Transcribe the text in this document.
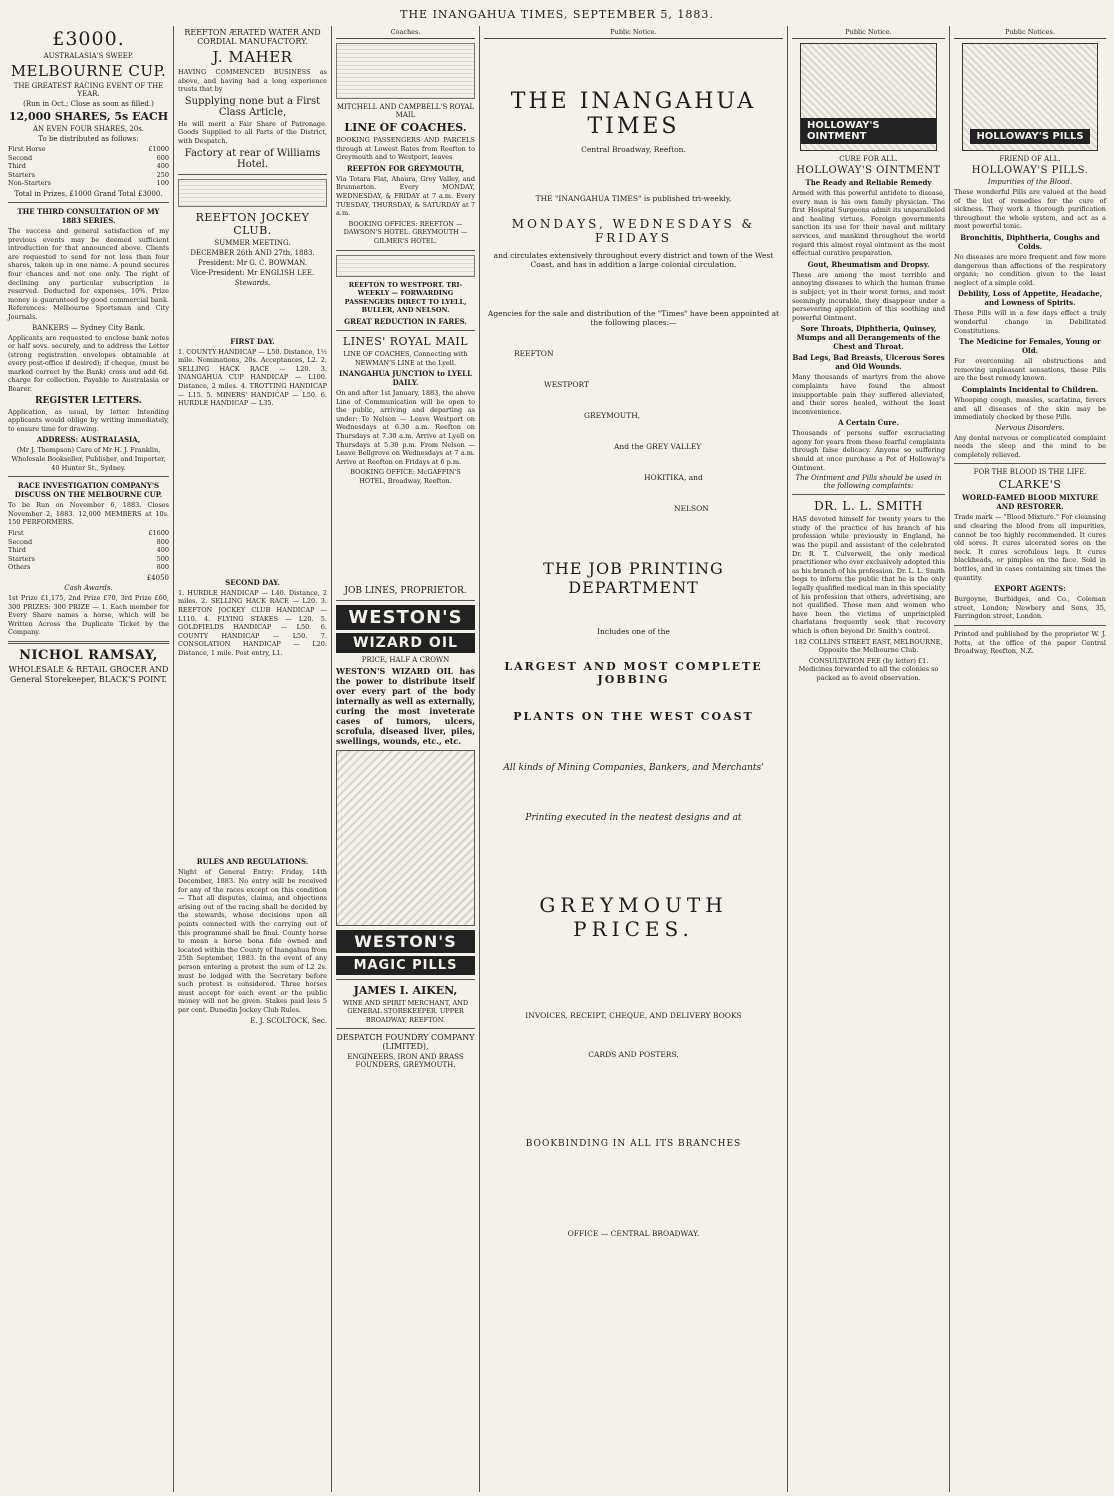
THE INANGAHUA TIMES, SEPTEMBER 5, 1883.
£3000.
AUSTRALASIA'S SWEEP.
MELBOURNE CUP.
THE GREATEST RACING EVENT OF THE YEAR.
(Run in Oct.; Close as soon as filled.)
12,000 SHARES, 5s EACH
AN EVEN FOUR SHARES, 20s.
To be distributed as follows:
First Horse	£1000
Second	600
Third	400
Starters	250
Non-Starters	100
Total in Prizes, £1000 Grand Total £3000.
THE THIRD CONSULTATION OF MY 1883 SERIES.

The success and general satisfaction of my previous events may be deemed sufficient introduction for that announced above. Clients are requested to send for not less than four shares, taken up in one name. A pound secures four chances and not one only. The right of declining any particular subscription is reserved. Deducted for expenses, 10%. Prize money is guaranteed by good commercial bank. References: Melbourne Sportsman and City Journals.

BANKERS — Sydney City Bank.

Applicants are requested to enclose bank notes or half sovs. securely, and to address the Letter (strong registration envelopes obtainable at every post-office if desired); if cheque, (must be marked correct by the Bank) cross and add 6d. charge for collection. Payable to Australasia or Bearer.

REGISTER LETTERS.

Application, as usual, by letter. Intending applicants would oblige by writing immediately, to ensure time for drawing.

ADDRESS: AUSTRALASIA,

(Mr J. Thompson) Care of Mr H. J. Franklin, Wholesale Bookseller, Publisher, and Importer, 40 Hunter St., Sydney.

RACE INVESTIGATION COMPANY'S DISCUSS ON THE MELBOURNE CUP.

To be Run on November 6, 1883. Closes November 2, 1883. 12,000 MEMBERS at 10s. 150 PERFORMERS.

First	£1600
Second	800
Third	400
Starters	500
Others	800
£4050
Cash Awards.

1st Prize £1,175, 2nd Prize £70, 3rd Prize £60, 300 PRIZES: 300 PRIZE — 1. Each member for Every Share names a horse, which will be Written Across the Duplicate Ticket by the Company.

NICHOL RAMSAY,

WHOLESALE & RETAIL GROCER AND General Storekeeper, BLACK'S POINT.

REEFTON ÆRATED WATER AND CORDIAL MANUFACTORY.
J. MAHER

HAVING COMMENCED BUSINESS as above, and having had a long experience trusts that by

Supplying none but a First Class Article,

He will merit a Fair Share of Patronage. Goods Supplied to all Parts of the District, with Despatch.

Factory at rear of Williams Hotel.
REEFTON JOCKEY CLUB.
SUMMER MEETING.
DECEMBER 26th AND 27th, 1883.
President: Mr G. C. BOWMAN.
Vice-President: Mr ENGLISH LEE.
Stewards.
FIRST DAY.

1. COUNTY HANDICAP — L50. Distance, 1½ mile. Nominations, 20s. Acceptances, L2. 2. SELLING HACK RACE — L20. 3. INANGAHUA CUP HANDICAP — L100. Distance, 2 miles. 4. TROTTING HANDICAP — L15. 5. MINERS' HANDICAP — L50. 6. HURDLE HANDICAP — L35.

SECOND DAY.

1. HURDLE HANDICAP — L40. Distance, 2 miles. 2. SELLING HACK RACE — L20. 3. REEFTON JOCKEY CLUB HANDICAP — L110. 4. FLYING STAKES — L20. 5. GOLDFIELDS HANDICAP — L50. 6. COUNTY HANDICAP — L50. 7. CONSOLATION HANDICAP — L20. Distance, 1 mile. Post entry, L1.

RULES AND REGULATIONS.

Night of General Entry: Friday, 14th December, 1883. No entry will be received for any of the races except on this condition — That all disputes, claims, and objections arising out of the racing shall be decided by the stewards, whose decisions upon all points connected with the carrying out of this programme shall be final. County horse to mean a horse bona fide owned and located within the County of Inangahua from 25th September, 1883. In the event of any person entering a protest the sum of L2 2s. must be lodged with the Secretary before such protest is considered. Three horses must accept for each event or the public money will not be given. Stakes paid less 5 per cent. Dunedin Jockey Club Rules.

E. J. SCOLTOCK, Sec.
Coaches.
MITCHELL AND CAMPBELL'S ROYAL MAIL
LINE OF COACHES.

BOOKING PASSENGERS AND PARCELS through at Lowest Rates from Reefton to Greymouth and to Westport, leaves

REEFTON FOR GREYMOUTH,

Via Totara Flat, Ahaura, Grey Valley, and Brunnerton. Every MONDAY, WEDNESDAY, & FRIDAY at 7 a.m. Every TUESDAY, THURSDAY, & SATURDAY at 7 a.m.

BOOKING OFFICES: REEFTON — DAWSON'S HOTEL. GREYMOUTH — GILMER'S HOTEL.

REEFTON TO WESTPORT. TRI-WEEKLY — FORWARDING PASSENGERS DIRECT TO LYELL, BULLER, AND NELSON.

GREAT REDUCTION IN FARES.
LINES' ROYAL MAIL

LINE OF COACHES, Connecting with NEWMAN'S LINE at the Lyell.

INANGAHUA JUNCTION to LYELL DAILY.

On and after 1st January, 1883, the above Line of Communication will be open to the public, arriving and departing as under: To Nelson — Leave Westport on Wednesdays at 6.30 a.m. Reefton on Thursdays at 7.30 a.m. Arrive at Lyell on Thursdays at 5.30 p.m. From Nelson — Leave Bellgrove on Wednesdays at 7 a.m. Arrive at Reefton on Fridays at 6 p.m.

BOOKING OFFICE: McGAFFIN'S HOTEL, Broadway, Reefton.

JOB LINES, PROPRIETOR.
WESTON'S
WIZARD OIL
PRICE, HALF A CROWN

WESTON'S WIZARD OIL has the power to distribute itself over every part of the body internally as well as externally, curing the most inveterate cases of tumors, ulcers, scrofula, diseased liver, piles, swellings, wounds, etc., etc.

WESTON'S
MAGIC PILLS
JAMES I. AIKEN,

WINE AND SPIRIT MERCHANT, AND GENERAL STOREKEEPER. UPPER BROADWAY, REEFTON.

DESPATCH FOUNDRY COMPANY (LIMITED),
ENGINEERS, IRON AND BRASS FOUNDERS, GREYMOUTH.
Public Notice.
THE INANGAHUA TIMES
Central Broadway, Reefton.
THE "INANGAHUA TIMES" is published tri-weekly,
MONDAYS, WEDNESDAYS & FRIDAYS
and circulates extensively throughout every district and town of the West Coast, and has in addition a large colonial circulation.
Agencies for the sale and distribution of the "Times" have been appointed at the following places:—
REEFTON
WESTPORT
GREYMOUTH,
And the GREY VALLEY
HOKITIKA, and
NELSON
THE JOB PRINTING DEPARTMENT
Includes one of the
LARGEST AND MOST COMPLETE JOBBING
PLANTS ON THE WEST COAST
All kinds of Mining Companies, Bankers, and Merchants'
Printing executed in the neatest designs and at
GREYMOUTH PRICES.
INVOICES, RECEIPT, CHEQUE, AND DELIVERY BOOKS
CARDS AND POSTERS.
BOOKBINDING IN ALL ITS BRANCHES
OFFICE — CENTRAL BROADWAY.
Public Notice.
HOLLOWAY'S OINTMENT
CURE FOR ALL.
HOLLOWAY'S OINTMENT
The Ready and Reliable Remedy

Armed with this powerful antidote to disease, every man is his own family physician. The first Hospital Surgeons admit its unparalleled and healing virtues. Foreign governments sanction its use for their naval and military services, and mankind throughout the world regard this almost royal ointment as the most effectual curative preparation.

Gout, Rheumatism and Dropsy.

These are among the most terrible and annoying diseases to which the human frame is subject; yet in their worst forms, and most seemingly incurable, they disappear under a persevering application of this soothing and powerful Ointment.

Sore Throats, Diphtheria, Quinsey, Mumps and all Derangements of the Chest and Throat.
Bad Legs, Bad Breasts, Ulcerous Sores and Old Wounds.

Many thousands of martyrs from the above complaints have found the almost insupportable pain they suffered alleviated, and their sores healed, without the least inconvenience.

A Certain Cure.

Thousands of persons suffer excruciating agony for years from these fearful complaints through false delicacy. Anyone so suffering should at once purchase a Pot of Holloway's Ointment.

The Ointment and Pills should be used in the following complaints:
DR. L. L. SMITH

HAS devoted himself for twenty years to the study of the practice of his branch of his profession while previously in England, he was the pupil and assistant of the celebrated Dr. R. T. Culverwell, the only medical practitioner who ever exclusively adopted this as his branch of his profession. Dr. L. L. Smith begs to inform the public that he is the only legally qualified medical man in this speciality of his profession that others, advertising, are not qualified. Those men and women who have been the victims of unprincipled charlatans frequently seek that recovery which is often beyond Dr. Smith's control.

182 COLLINS STREET EAST, MELBOURNE, Opposite the Melbourne Club.

CONSULTATION FEE (by letter) £1. Medicines forwarded to all the colonies so packed as to avoid observation.

Public Notices.
HOLLOWAY'S PILLS
FRIEND OF ALL.
HOLLOWAY'S PILLS.
Impurities of the Blood.

These wonderful Pills are valued at the head of the list of remedies for the cure of sickness. They work a thorough purification throughout the whole system, and act as a most powerful tonic.

Bronchitis, Diphtheria, Coughs and Colds.

No diseases are more frequent and few more dangerous than affections of the respiratory organs; no condition given to the least neglect of a simple cold.

Debility, Loss of Appetite, Headache, and Lowness of Spirits.

These Pills will in a few days effect a truly wonderful change in Debilitated Constitutions.

The Medicine for Females, Young or Old.

For overcoming all obstructions and removing unpleasant sensations, these Pills are the best remedy known.

Complaints Incidental to Children.

Whooping cough, measles, scarlatina, fevers and all diseases of the skin may be immediately checked by these Pills.

Nervous Disorders.

Any dental nervous or complicated complaint needs the sleep and the mind to be completely relieved.

FOR THE BLOOD IS THE LIFE.
CLARKE'S
WORLD-FAMED BLOOD MIXTURE AND RESTORER.

Trade mark — "Blood Mixture." For cleansing and clearing the blood from all impurities, cannot be too highly recommended. It cures old sores. It cures ulcerated sores on the neck. It cures scrofulous legs. It cures blackheads, or pimples on the face. Sold in bottles, and in cases containing six times the quantity.

EXPORT AGENTS:

Burgoyne, Burbidges, and Co., Coleman street, London; Newbery and Sons, 35, Farringdon street, London.

Printed and published by the proprietor W. J. Potts, at the office of the paper Central Broadway, Reefton, N.Z.
